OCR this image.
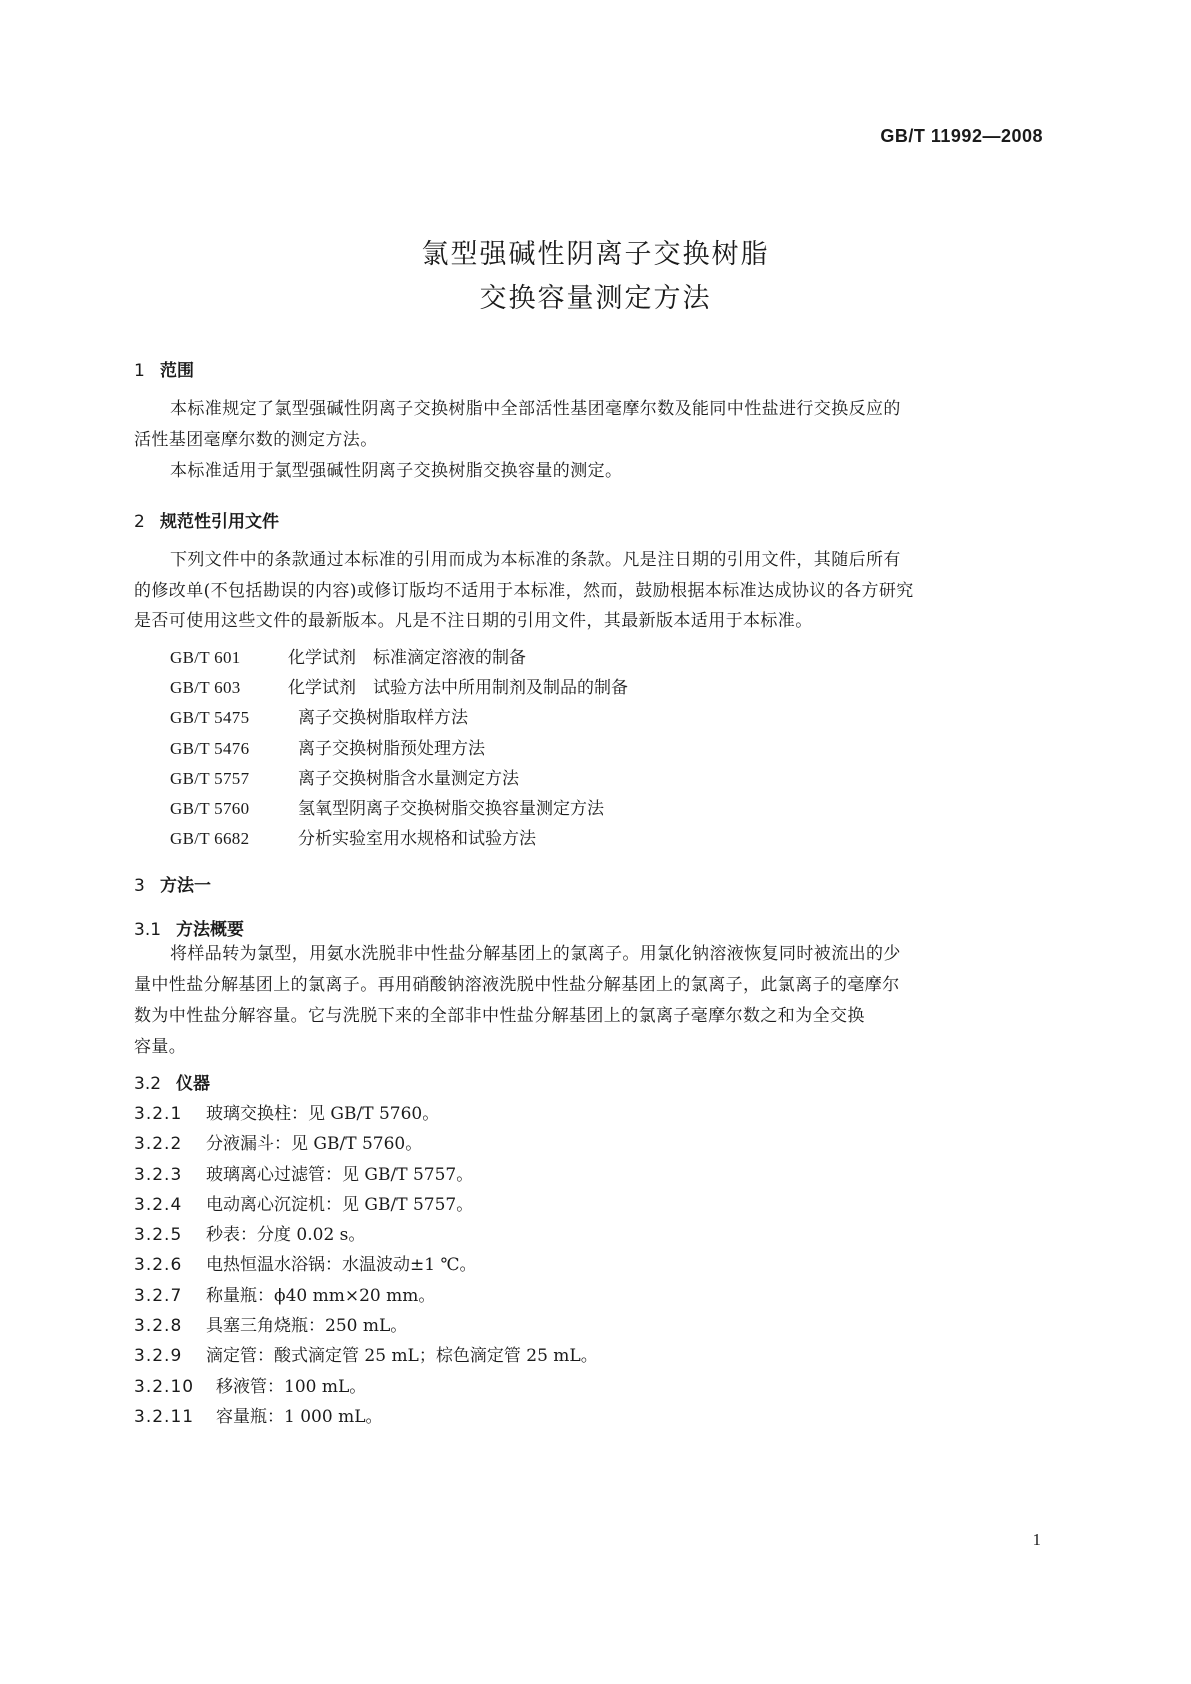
GB/T 11992—2008
氯型强碱性阴离子交换树脂
交换容量测定方法
1 范围
本标准规定了氯型强碱性阴离子交换树脂中全部活性基团毫摩尔数及能同中性盐进行交换反应的
活性基团毫摩尔数的测定方法。
本标准适用于氯型强碱性阴离子交换树脂交换容量的测定。
2 规范性引用文件
下列文件中的条款通过本标准的引用而成为本标准的条款。凡是注日期的引用文件，其随后所有
的修改单(不包括勘误的内容)或修订版均不适用于本标准，然而，鼓励根据本标准达成协议的各方研究
是否可使用这些文件的最新版本。凡是不注日期的引用文件，其最新版本适用于本标准。
GB/T 601	化学试剂　标准滴定溶液的制备
GB/T 603	化学试剂　试验方法中所用制剂及制品的制备
GB/T 5475	离子交换树脂取样方法
GB/T 5476	离子交换树脂预处理方法
GB/T 5757	离子交换树脂含水量测定方法
GB/T 5760	氢氧型阴离子交换树脂交换容量测定方法
GB/T 6682	分析实验室用水规格和试验方法
3 方法一
3.1 方法概要
将样品转为氯型，用氨水洗脱非中性盐分解基团上的氯离子。用氯化钠溶液恢复同时被流出的少
量中性盐分解基团上的氯离子。再用硝酸钠溶液洗脱中性盐分解基团上的氯离子，此氯离子的毫摩尔
数为中性盐分解容量。它与洗脱下来的全部非中性盐分解基团上的氯离子毫摩尔数之和为全交换
容量。
3.2 仪器
3.2.1 玻璃交换柱：见 GB/T 5760。
3.2.2 分液漏斗：见 GB/T 5760。
3.2.3 玻璃离心过滤管：见 GB/T 5757。
3.2.4 电动离心沉淀机：见 GB/T 5757。
3.2.5 秒表：分度 0.02 s。
3.2.6 电热恒温水浴锅：水温波动±1 ℃。
3.2.7 称量瓶：ϕ40 mm×20 mm。
3.2.8 具塞三角烧瓶：250 mL。
3.2.9 滴定管：酸式滴定管 25 mL；棕色滴定管 25 mL。
3.2.10 移液管：100 mL。
3.2.11 容量瓶：1 000 mL。
1
